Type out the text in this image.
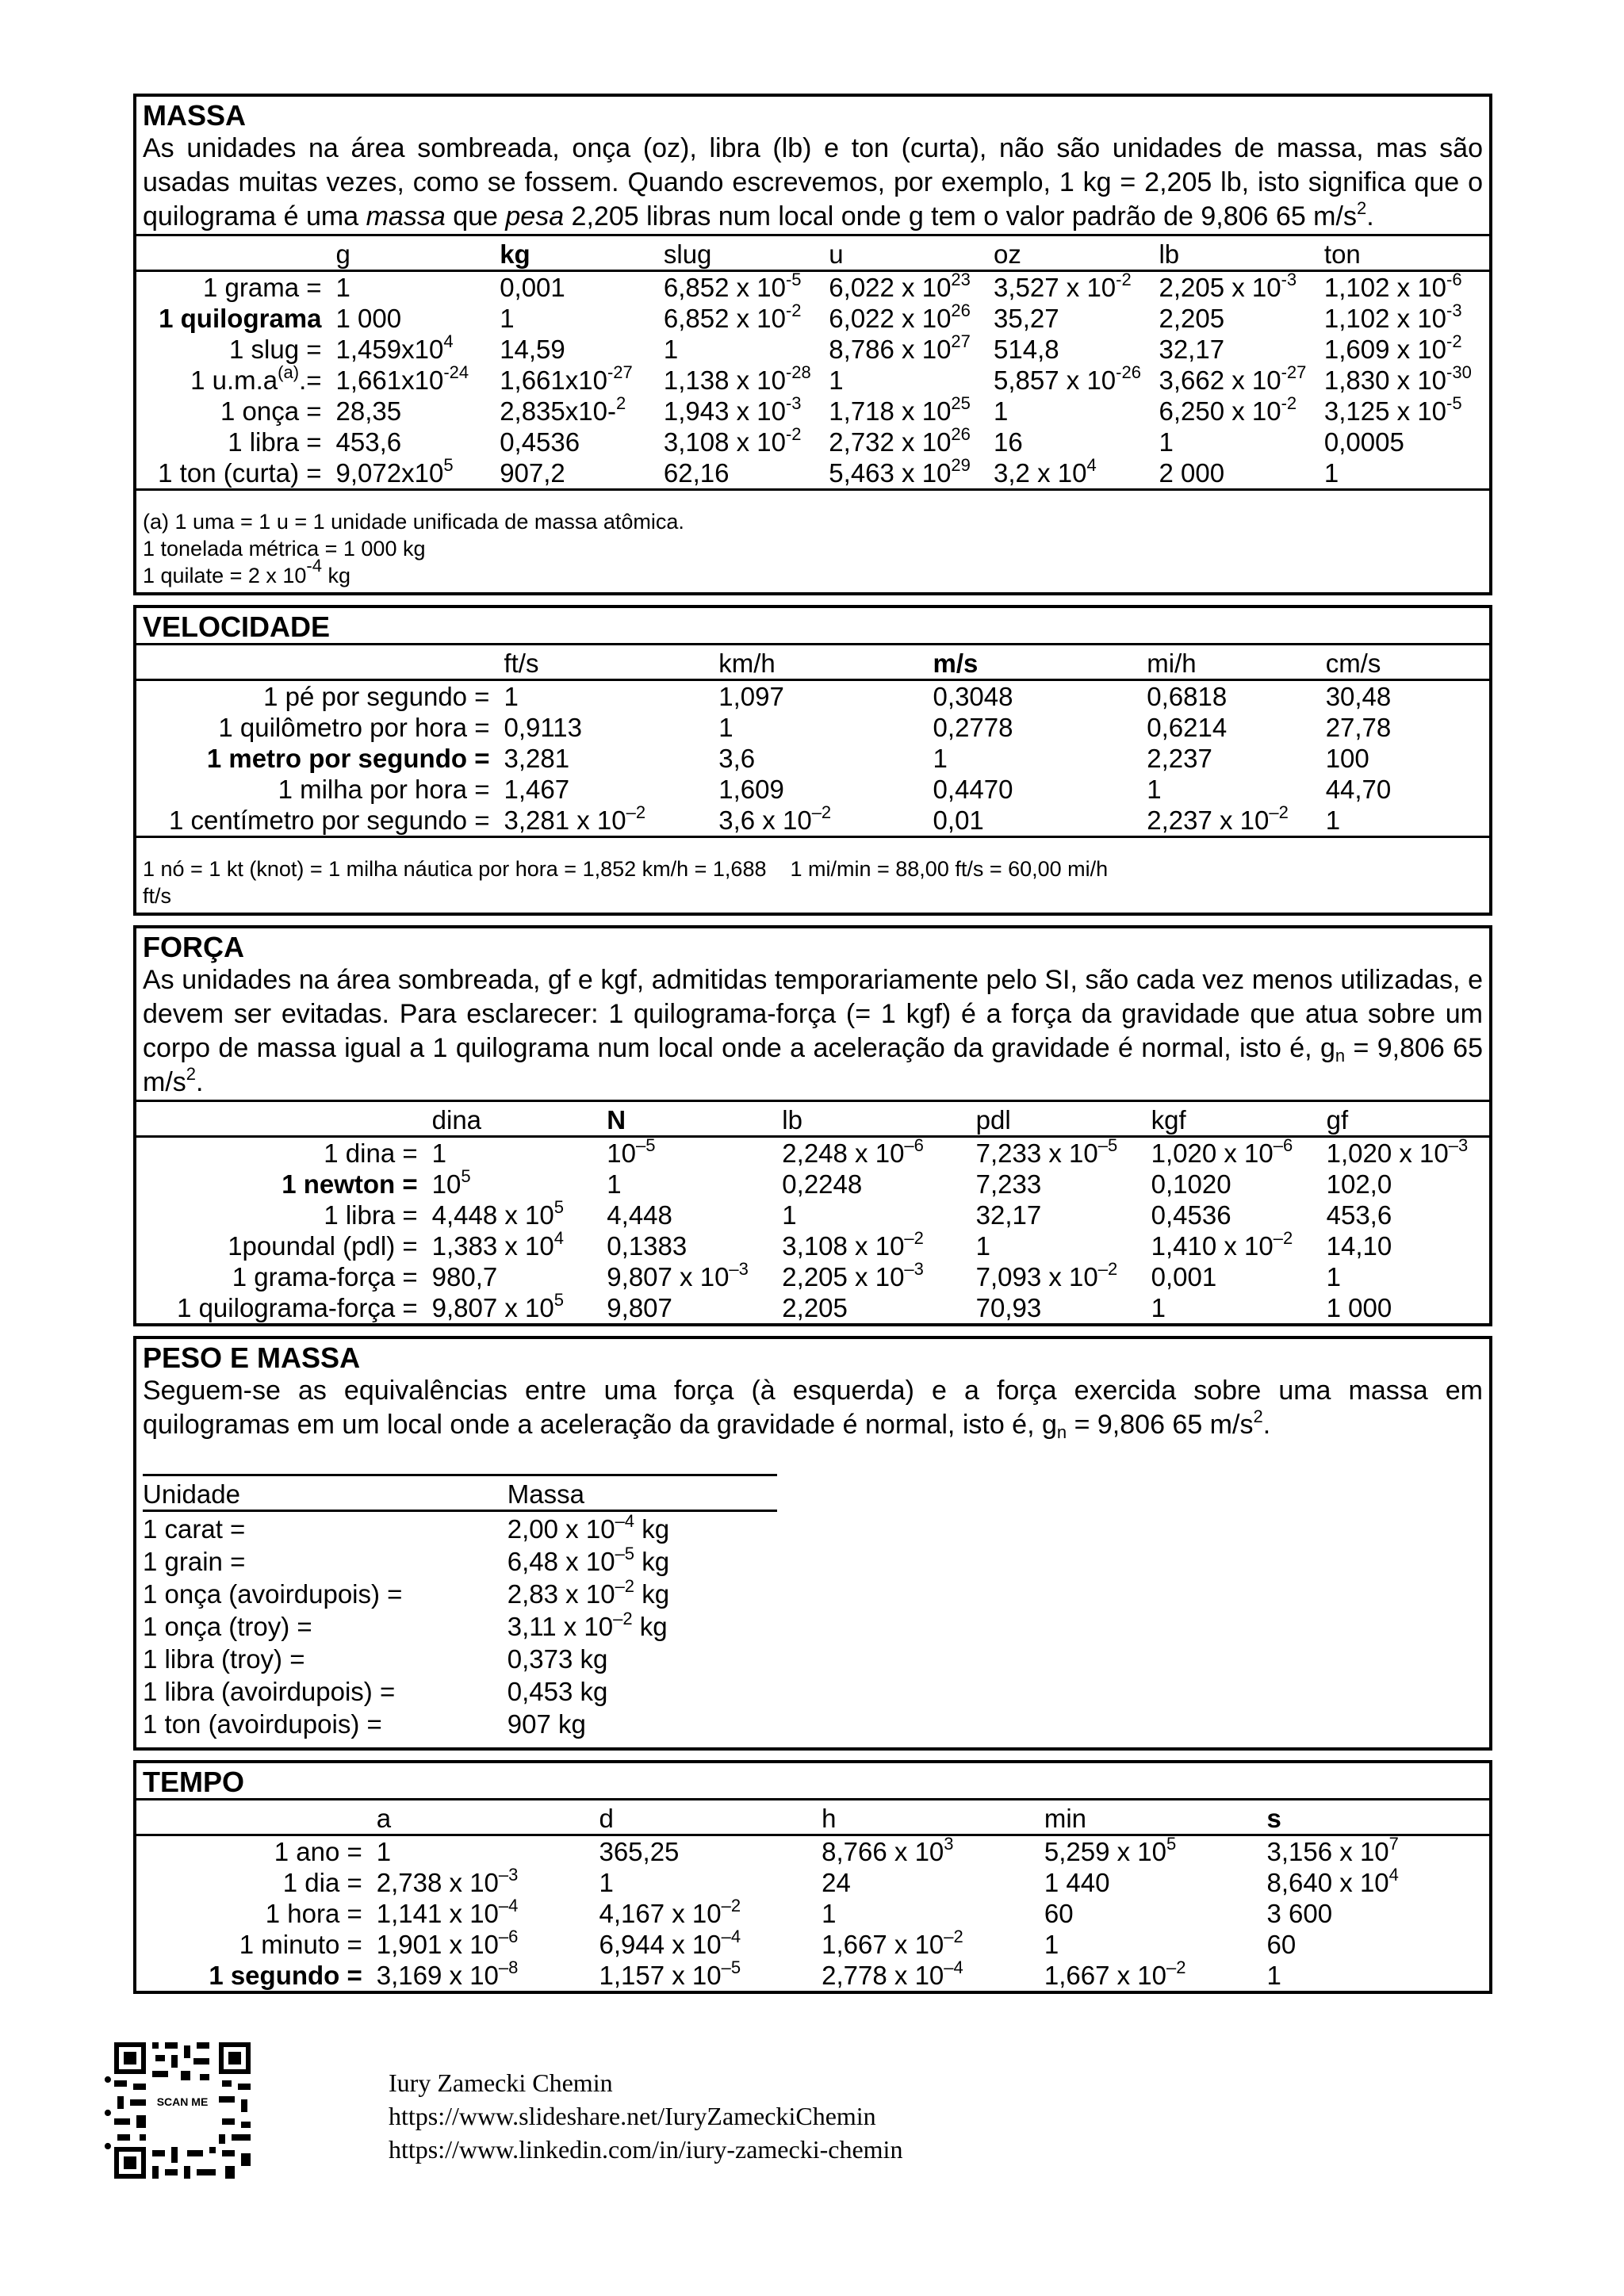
MASSA
As unidades na área sombreada, onça (oz), libra (lb) e ton (curta), não são unidades de massa, mas são usadas muitas vezes, como se fossem. Quando escrevemos, por exemplo, 1 kg = 2,205 lb, isto significa que o quilograma é uma massa que pesa 2,205 libras num local onde g tem o valor padrão de 9,806 65 $m/s^2$.
	g	kg	slug	u	oz	lb	ton
1 grama =	1	0,001	6,852 x $10^{-5}$	6,022 x $10^{23}$	3,527 x $10^{-2}$	2,205 x $10^{-3}$	1,102 x $10^{-6}$
1 quilograma	1 000	1	6,852 x $10^{-2}$	6,022 x $10^{26}$	35,27	2,205	1,102 x $10^{-3}$
1 slug =	$1,459x10^4$	14,59	1	8,786 x $10^{27}$	514,8	32,17	1,609 x $10^{-2}$
1 $u.m.a^{(a)}.=$	$1,661x10^{-24}$	$1,661x10^{-27}$	1,138 x $10^{-28}$	1	5,857 x $10^{-26}$	3,662 x $10^{-27}$	1,830 x $10^{-30}$
1 onça =	28,35	2,835x10-$^2$	1,943 x $10^{-3}$	1,718 x $10^{25}$	1	6,250 x $10^{-2}$	3,125 x $10^{-5}$
1 libra =	453,6	0,4536	3,108 x $10^{-2}$	2,732 x $10^{26}$	16	1	0,0005
1 ton (curta) =	$9,072x10^5$	907,2	62,16	5,463 x $10^{29}$	3,2 x $10^4$	2 000	1
(a) 1 uma = 1 u = 1 unidade unificada de massa atômica.
1 tonelada métrica = 1 000 kg
1 quilate = 2 x $10^{-4}$ kg
VELOCIDADE
	ft/s	km/h	m/s	mi/h	cm/s
1 pé por segundo =	1	1,097	0,3048	0,6818	30,48
1 quilômetro por hora =	0,9113	1	0,2778	0,6214	27,78
1 metro por segundo =	3,281	3,6	1	2,237	100
1 milha por hora =	1,467	1,609	0,4470	1	44,70
1 centímetro por segundo =	3,281 x $10^{-2}$	3,6 x $10^{-2}$	0,01	2,237 x $10^{-2}$	1
1 nó = 1 kt (knot) = 1 milha náutica por hora = 1,852 km/h = 1,688    1 mi/min = 88,00 ft/s = 60,00 mi/h
ft/s
FORÇA
As unidades na área sombreada, gf e kgf, admitidas temporariamente pelo SI, são cada vez menos utilizadas, e devem ser evitadas. Para esclarecer: 1 quilograma-força (= 1 kgf) é a força da gravidade que atua sobre um corpo de massa igual a 1 quilograma num local onde a aceleração da gravidade é normal, isto é, $g_n = 9,806$ 65 $m/s^2$.
	dina	N	lb	pdl	kgf	gf
1 dina =	1	$10^{-5}$	2,248 x $10^{-6}$	7,233 x $10^{-5}$	1,020 x $10^{-6}$	1,020 x $10^{-3}$
1 newton =	$10^5$	1	0,2248	7,233	0,1020	102,0
1 libra =	4,448 x $10^5$	4,448	1	32,17	0,4536	453,6
1poundal (pdl) =	1,383 x $10^4$	0,1383	3,108 x $10^{-2}$	1	1,410 x $10^{-2}$	14,10
1 grama-força =	980,7	9,807 x $10^{-3}$	2,205 x $10^{-3}$	7,093 x $10^{-2}$	0,001	1
1 quilograma-força =	9,807 x $10^5$	9,807	2,205	70,93	1	1 000
PESO E MASSA
Seguem-se as equivalências entre uma força (à esquerda) e a força exercida sobre uma massa em quilogramas em um local onde a aceleração da gravidade é normal, isto é, $g_n = 9,806$ 65 $m/s^2$.
Unidade	Massa
1 carat =	2,00 x $10^{-4}$ kg
1 grain =	6,48 x $10^{-5}$ kg
1 onça (avoirdupois) =	2,83 x $10^{-2}$ kg
1 onça (troy) =	3,11 x $10^{-2}$ kg
1 libra (troy) =	0,373 kg
1 libra (avoirdupois) =	0,453 kg
1 ton (avoirdupois) =	907 kg
TEMPO
	a	d	h	min	s
1 ano =	1	365,25	8,766 x $10^3$	5,259 x $10^5$	3,156 x $10^7$
1 dia =	2,738 x $10^{-3}$	1	24	1 440	8,640 x $10^4$
1 hora =	1,141 x $10^{-4}$	4,167 x $10^{-2}$	1	60	3 600
1 minuto =	1,901 x $10^{-6}$	6,944 x $10^{-4}$	1,667 x $10^{-2}$	1	60
1 segundo =	3,169 x $10^{-8}$	1,157 x $10^{-5}$	2,778 x $10^{-4}$	1,667 x $10^{-2}$	1
SCAN ME
•	Iury Zamecki Chemin
•	https://www.slideshare.net/IuryZameckiChemin
•	https://www.linkedin.com/in/iury-zamecki-chemin
